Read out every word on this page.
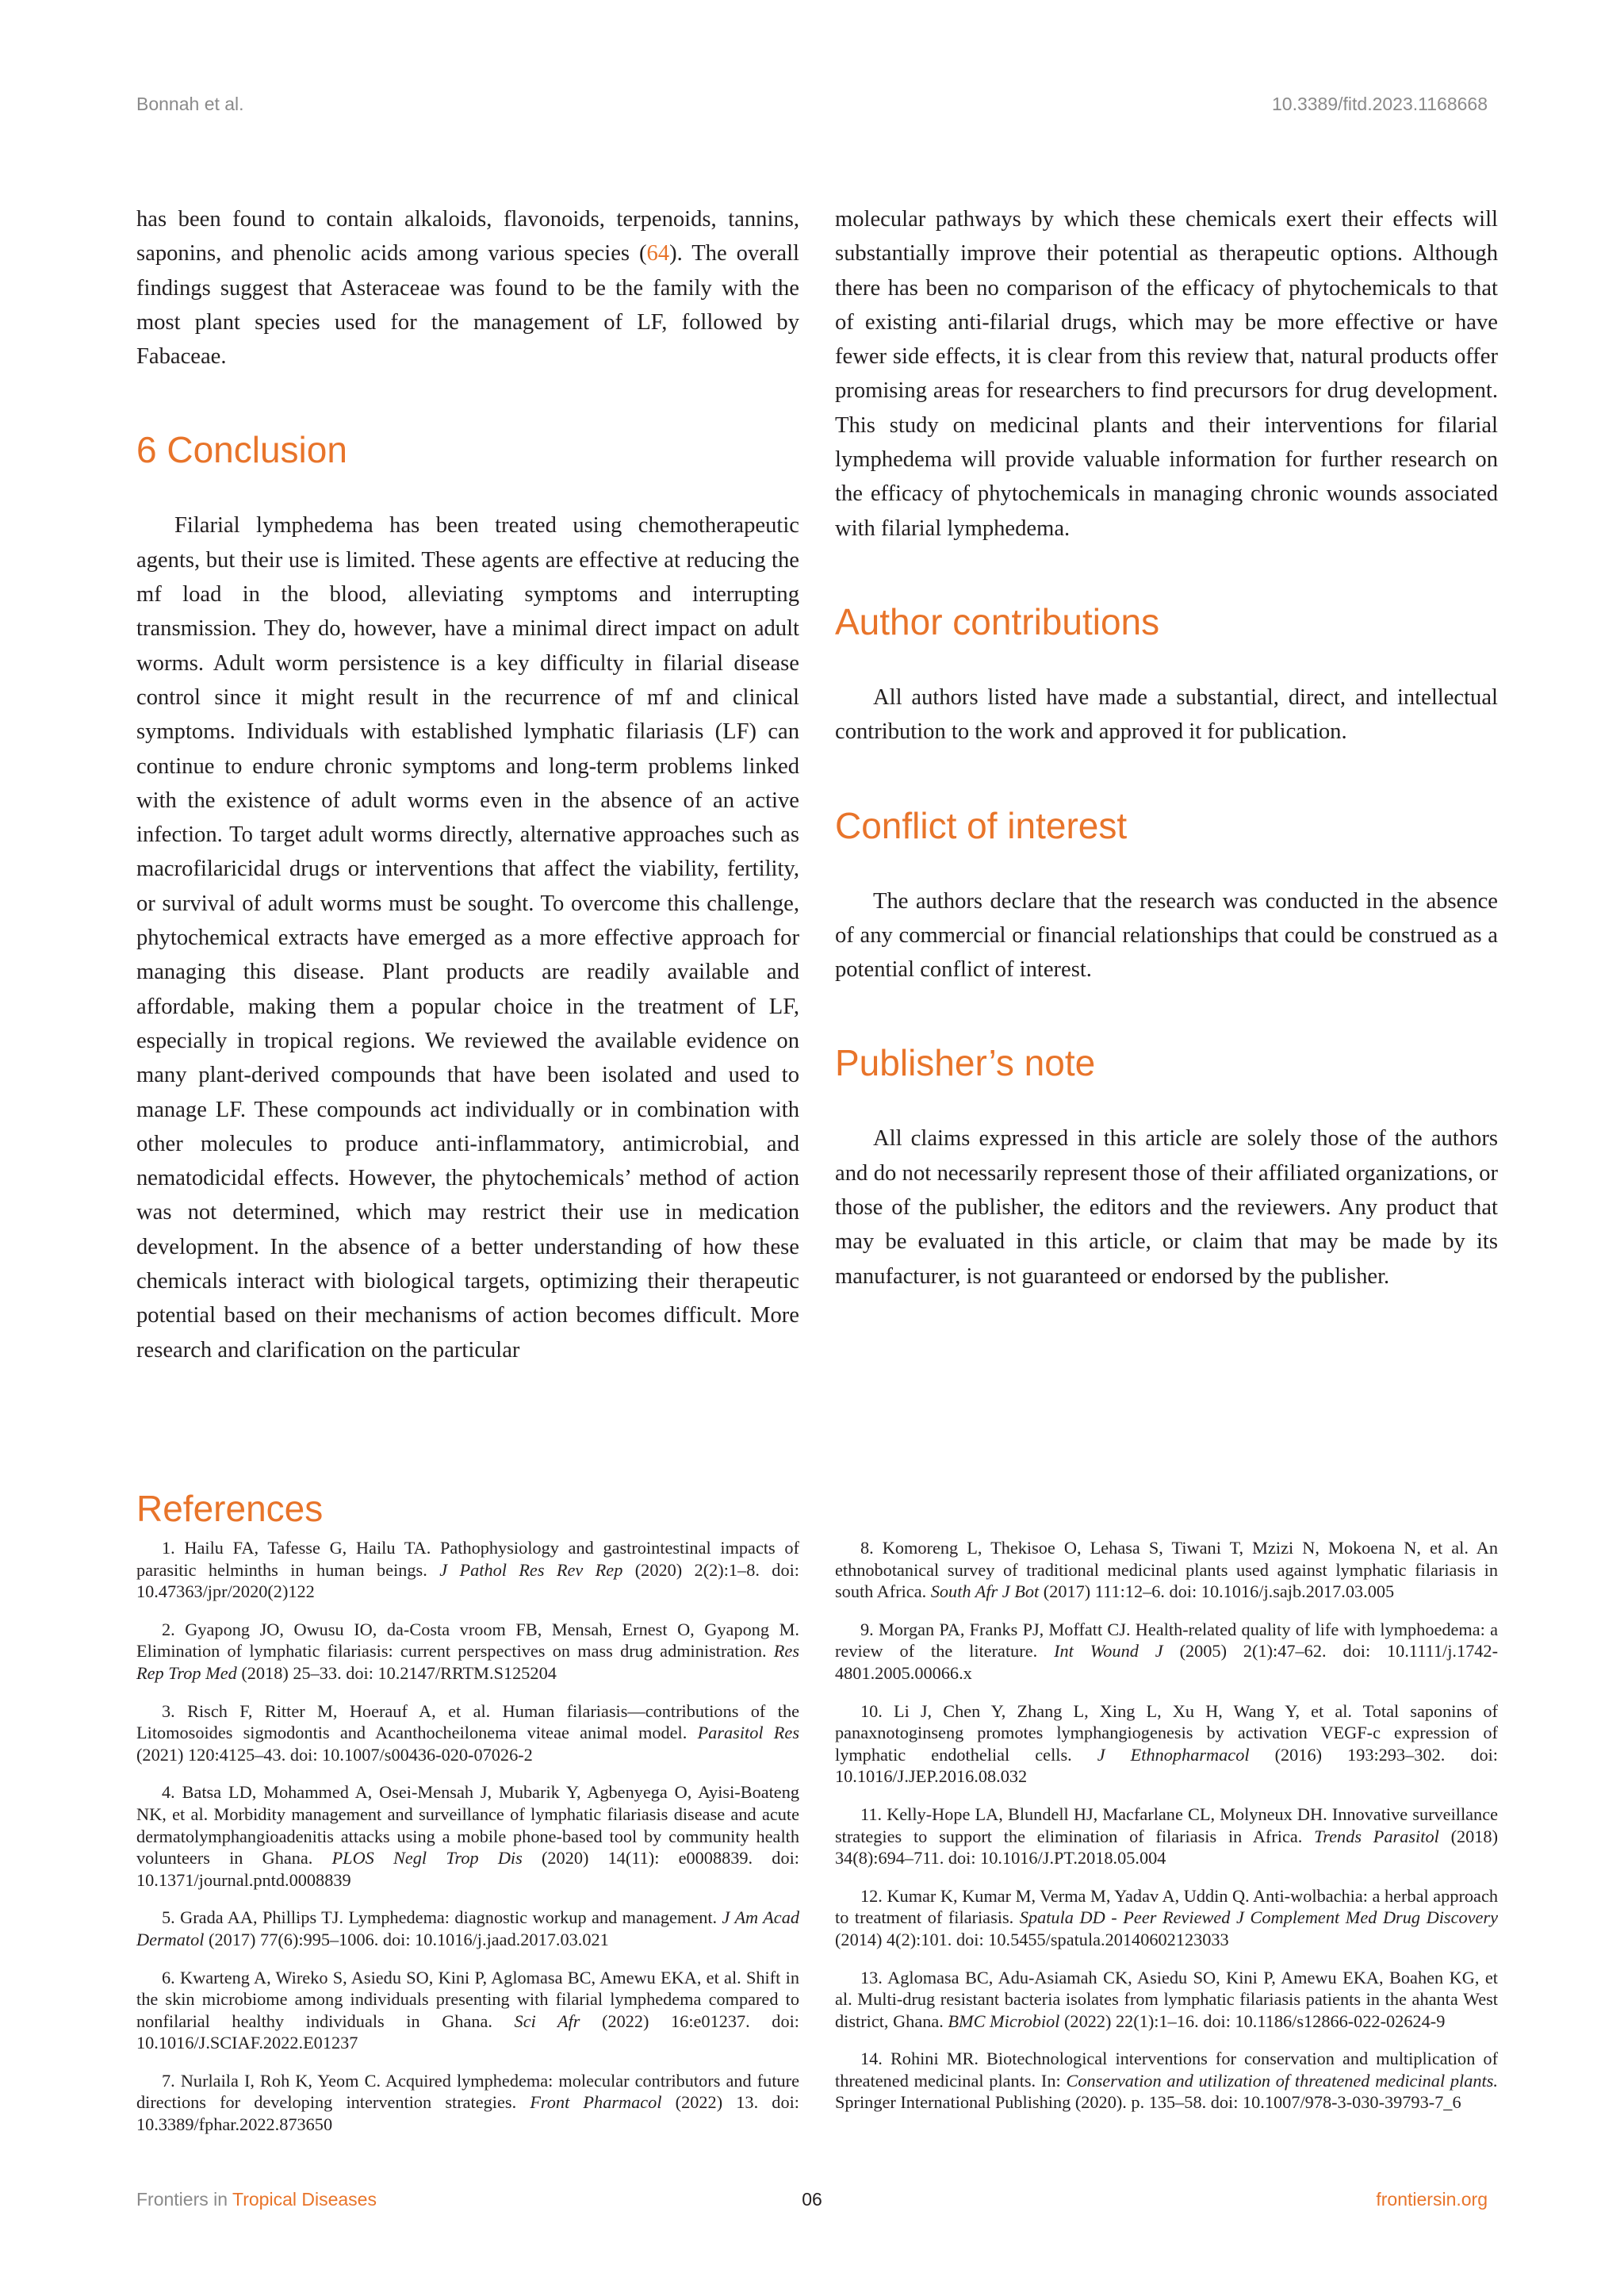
Bonnah et al.	10.3389/fitd.2023.1168668

has been found to contain alkaloids, flavonoids, terpenoids, tannins, saponins, and phenolic acids among various species (64). The overall findings suggest that Asteraceae was found to be the family with the most plant species used for the management of LF, followed by Fabaceae.

6 Conclusion

Filarial lymphedema has been treated using chemotherapeutic agents, but their use is limited. These agents are effective at reducing the mf load in the blood, alleviating symptoms and interrupting transmission. They do, however, have a minimal direct impact on adult worms. Adult worm persistence is a key difficulty in filarial disease control since it might result in the recurrence of mf and clinical symptoms. Individuals with established lymphatic filariasis (LF) can continue to endure chronic symptoms and long-term problems linked with the existence of adult worms even in the absence of an active infection. To target adult worms directly, alternative approaches such as macrofilaricidal drugs or interventions that affect the viability, fertility, or survival of adult worms must be sought. To overcome this challenge, phytochemical extracts have emerged as a more effective approach for managing this disease. Plant products are readily available and affordable, making them a popular choice in the treatment of LF, especially in tropical regions. We reviewed the available evidence on many plant-derived compounds that have been isolated and used to manage LF. These compounds act individually or in combination with other molecules to produce anti-inflammatory, antimicrobial, and nematodicidal effects. However, the phytochemicals’ method of action was not determined, which may restrict their use in medication development. In the absence of a better understanding of how these chemicals interact with biological targets, optimizing their therapeutic potential based on their mechanisms of action becomes difficult. More research and clarification on the particular

molecular pathways by which these chemicals exert their effects will substantially improve their potential as therapeutic options. Although there has been no comparison of the efficacy of phytochemicals to that of existing anti-filarial drugs, which may be more effective or have fewer side effects, it is clear from this review that, natural products offer promising areas for researchers to find precursors for drug development. This study on medicinal plants and their interventions for filarial lymphedema will provide valuable information for further research on the efficacy of phytochemicals in managing chronic wounds associated with filarial lymphedema.

Author contributions

All authors listed have made a substantial, direct, and intellectual contribution to the work and approved it for publication.

Conflict of interest

The authors declare that the research was conducted in the absence of any commercial or financial relationships that could be construed as a potential conflict of interest.

Publisher’s note

All claims expressed in this article are solely those of the authors and do not necessarily represent those of their affiliated organizations, or those of the publisher, the editors and the reviewers. Any product that may be evaluated in this article, or claim that may be made by its manufacturer, is not guaranteed or endorsed by the publisher.

References

1. Hailu FA, Tafesse G, Hailu TA. Pathophysiology and gastrointestinal impacts of parasitic helminths in human beings. J Pathol Res Rev Rep (2020) 2(2):1–8. doi: 10.47363/jpr/2020(2)122

2. Gyapong JO, Owusu IO, da-Costa vroom FB, Mensah, Ernest O, Gyapong M. Elimination of lymphatic filariasis: current perspectives on mass drug administration. Res Rep Trop Med (2018) 25–33. doi: 10.2147/RRTM.S125204

3. Risch F, Ritter M, Hoerauf A, et al. Human filariasis—contributions of the Litomosoides sigmodontis and Acanthocheilonema viteae animal model. Parasitol Res (2021) 120:4125–43. doi: 10.1007/s00436-020-07026-2

4. Batsa LD, Mohammed A, Osei-Mensah J, Mubarik Y, Agbenyega O, Ayisi-Boateng NK, et al. Morbidity management and surveillance of lymphatic filariasis disease and acute dermatolymphangioadenitis attacks using a mobile phone-based tool by community health volunteers in Ghana. PLOS Negl Trop Dis (2020) 14(11): e0008839. doi: 10.1371/journal.pntd.0008839

5. Grada AA, Phillips TJ. Lymphedema: diagnostic workup and management. J Am Acad Dermatol (2017) 77(6):995–1006. doi: 10.1016/j.jaad.2017.03.021

6. Kwarteng A, Wireko S, Asiedu SO, Kini P, Aglomasa BC, Amewu EKA, et al. Shift in the skin microbiome among individuals presenting with filarial lymphedema compared to nonfilarial healthy individuals in Ghana. Sci Afr (2022) 16:e01237. doi: 10.1016/J.SCIAF.2022.E01237

7. Nurlaila I, Roh K, Yeom C. Acquired lymphedema: molecular contributors and future directions for developing intervention strategies. Front Pharmacol (2022) 13. doi: 10.3389/fphar.2022.873650

8. Komoreng L, Thekisoe O, Lehasa S, Tiwani T, Mzizi N, Mokoena N, et al. An ethnobotanical survey of traditional medicinal plants used against lymphatic filariasis in south Africa. South Afr J Bot (2017) 111:12–6. doi: 10.1016/j.sajb.2017.03.005

9. Morgan PA, Franks PJ, Moffatt CJ. Health-related quality of life with lymphoedema: a review of the literature. Int Wound J (2005) 2(1):47–62. doi: 10.1111/j.1742-4801.2005.00066.x

10. Li J, Chen Y, Zhang L, Xing L, Xu H, Wang Y, et al. Total saponins of panaxnotoginseng promotes lymphangiogenesis by activation VEGF-c expression of lymphatic endothelial cells. J Ethnopharmacol (2016) 193:293–302. doi: 10.1016/J.JEP.2016.08.032

11. Kelly-Hope LA, Blundell HJ, Macfarlane CL, Molyneux DH. Innovative surveillance strategies to support the elimination of filariasis in Africa. Trends Parasitol (2018) 34(8):694–711. doi: 10.1016/J.PT.2018.05.004

12. Kumar K, Kumar M, Verma M, Yadav A, Uddin Q. Anti-wolbachia: a herbal approach to treatment of filariasis. Spatula DD - Peer Reviewed J Complement Med Drug Discovery (2014) 4(2):101. doi: 10.5455/spatula.20140602123033

13. Aglomasa BC, Adu-Asiamah CK, Asiedu SO, Kini P, Amewu EKA, Boahen KG, et al. Multi-drug resistant bacteria isolates from lymphatic filariasis patients in the ahanta West district, Ghana. BMC Microbiol (2022) 22(1):1–16. doi: 10.1186/s12866-022-02624-9

14. Rohini MR. Biotechnological interventions for conservation and multiplication of threatened medicinal plants. In: Conservation and utilization of threatened medicinal plants. Springer International Publishing (2020). p. 135–58. doi: 10.1007/978-3-030-39793-7_6

Frontiers in Tropical Diseases	06	frontiersin.org
